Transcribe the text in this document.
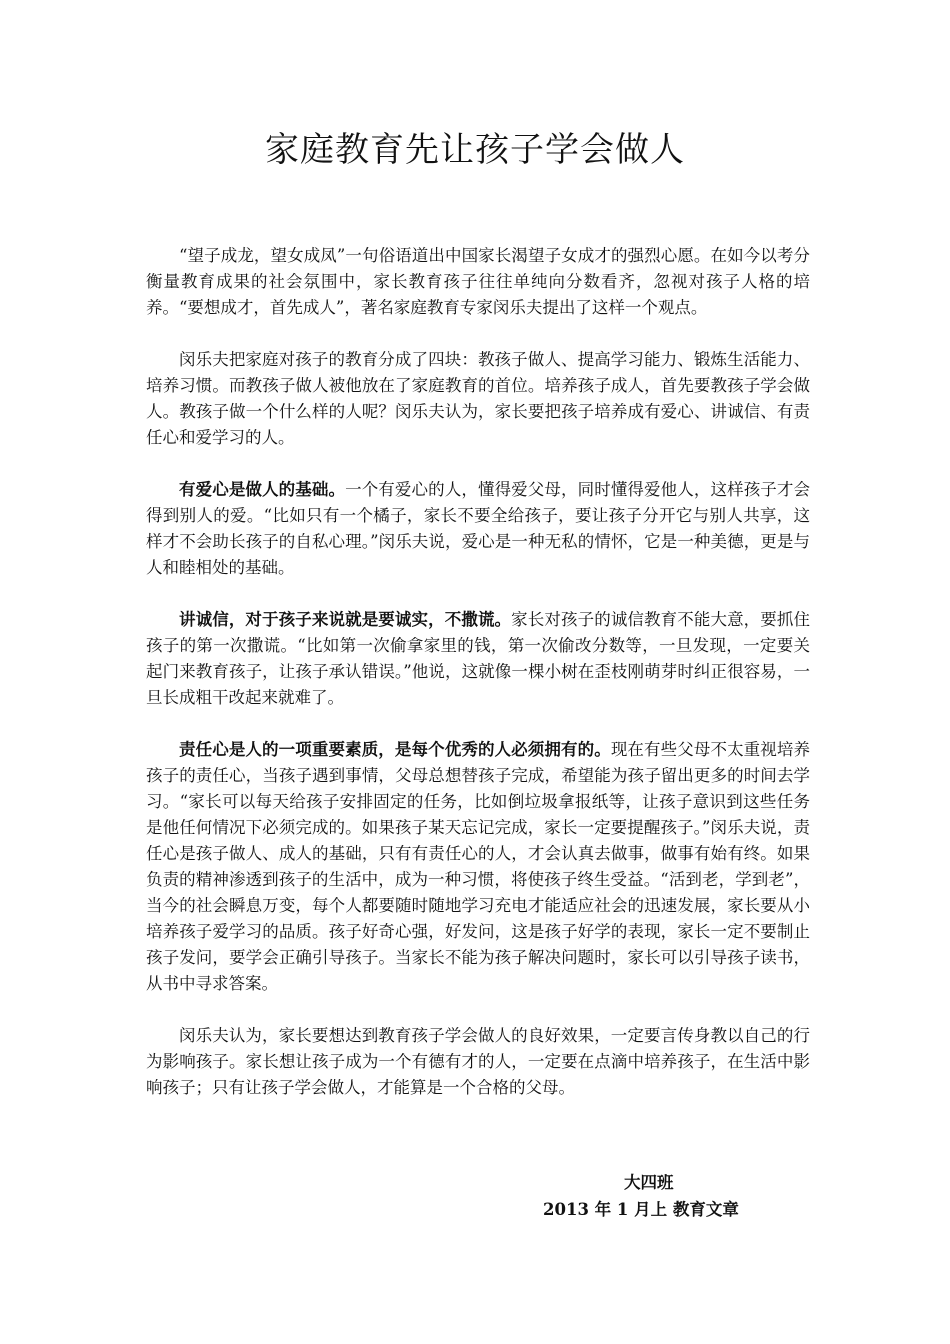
家庭教育先让孩子学会做人

“望子成龙，望女成凤”一句俗语道出中国家长渴望子女成才的强烈心愿。在如今以考分衡量教育成果的社会氛围中，家长教育孩子往往单纯向分数看齐，忽视对孩子人格的培养。“要想成才，首先成人”，著名家庭教育专家闵乐夫提出了这样一个观点。

闵乐夫把家庭对孩子的教育分成了四块：教孩子做人、提高学习能力、锻炼生活能力、培养习惯。而教孩子做人被他放在了家庭教育的首位。培养孩子成人，首先要教孩子学会做人。教孩子做一个什么样的人呢？闵乐夫认为，家长要把孩子培养成有爱心、讲诚信、有责任心和爱学习的人。

有爱心是做人的基础。一个有爱心的人，懂得爱父母，同时懂得爱他人，这样孩子才会得到别人的爱。“比如只有一个橘子，家长不要全给孩子，要让孩子分开它与别人共享，这样才不会助长孩子的自私心理。”闵乐夫说，爱心是一种无私的情怀，它是一种美德，更是与人和睦相处的基础。

讲诚信，对于孩子来说就是要诚实，不撒谎。家长对孩子的诚信教育不能大意，要抓住孩子的第一次撒谎。“比如第一次偷拿家里的钱，第一次偷改分数等，一旦发现，一定要关起门来教育孩子，让孩子承认错误。”他说，这就像一棵小树在歪枝刚萌芽时纠正很容易，一旦长成粗干改起来就难了。

责任心是人的一项重要素质，是每个优秀的人必须拥有的。现在有些父母不太重视培养孩子的责任心，当孩子遇到事情，父母总想替孩子完成，希望能为孩子留出更多的时间去学习。“家长可以每天给孩子安排固定的任务，比如倒垃圾拿报纸等，让孩子意识到这些任务是他任何情况下必须完成的。如果孩子某天忘记完成，家长一定要提醒孩子。”闵乐夫说，责任心是孩子做人、成人的基础，只有有责任心的人，才会认真去做事，做事有始有终。如果负责的精神渗透到孩子的生活中，成为一种习惯，将使孩子终生受益。“活到老，学到老”，当今的社会瞬息万变，每个人都要随时随地学习充电才能适应社会的迅速发展，家长要从小培养孩子爱学习的品质。孩子好奇心强，好发问，这是孩子好学的表现，家长一定不要制止孩子发问，要学会正确引导孩子。当家长不能为孩子解决问题时，家长可以引导孩子读书，从书中寻求答案。

闵乐夫认为，家长要想达到教育孩子学会做人的良好效果，一定要言传身教以自己的行为影响孩子。家长想让孩子成为一个有德有才的人，一定要在点滴中培养孩子，在生活中影响孩子；只有让孩子学会做人，才能算是一个合格的父母。

大四班
2013 年 1 月上 教育文章
